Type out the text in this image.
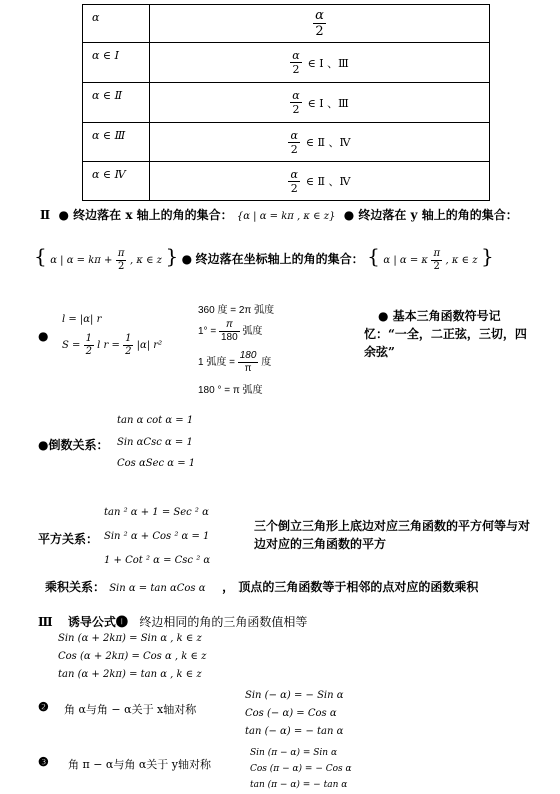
α	$\frac{\alpha}{2}$

α ∈ Ⅰ	$\frac{\alpha}{2}$ ∈ Ⅰ 、Ⅲ

α ∈ Ⅱ	$\frac{\alpha}{2}$ ∈ Ⅰ 、Ⅲ

α ∈ Ⅲ	$\frac{\alpha}{2}$ ∈ Ⅱ 、Ⅳ

α ∈ Ⅳ	$\frac{\alpha}{2}$ ∈ Ⅱ 、Ⅳ
Ⅱ ● 终边落在 x 轴上的角的集合： {α | α = kπ , κ ∈ z} ● 终边落在 y 轴上的角的集合：
{ α | $\alpha = k\pi + \frac{\pi}{2}$ , κ ∈ z } ● 终边落在坐标轴上的角的集合： { α | α = κ $\frac{\pi}{2}$ , κ ∈ z }
●
l = |α| r
$S = \frac{1}{2}$ l $r = \frac{1}{2} |\alpha|$ r²
360 度 = 2π 弧度
$1^\circ = \frac{\pi}{180}$ 弧度
1 弧度 = $\frac{180}{\pi}$ 度
180 ° = π 弧度
● 基本三角函数符号记
忆：“一全，二正弦，三切，四
余弦”
●倒数关系：
tan α cot α = 1
Sin αCsc α = 1
Cos αSec α = 1
平方关系：
tan ² α + 1 = Sec ² α
Sin ² α + Cos ² α = 1
1 + Cot ² α = Csc ² α
三个倒立三角形上底边对应三角函数的平方何等与对
边对应的三角函数的平方
乘积关系： Sin α = tan αCos α ， 顶点的三角函数等于相邻的点对应的函数乘积
Ⅲ 诱导公式❶ 终边相同的角的三角函数值相等
Sin (α + 2kπ) = Sin α , k ∈ z
Cos (α + 2kπ) = Cos α , k ∈ z
tan (α + 2kπ) = tan α , k ∈ z
❷ 角 α与角 − α关于 x轴对称
Sin (− α) = − Sin α
Cos (− α) = Cos α
tan (− α) = − tan α
❸ 角 π − α与角 α关于 y轴对称
Sin (π − α) = Sin α
Cos (π − α) = − Cos α
tan (π − α) = − tan α
